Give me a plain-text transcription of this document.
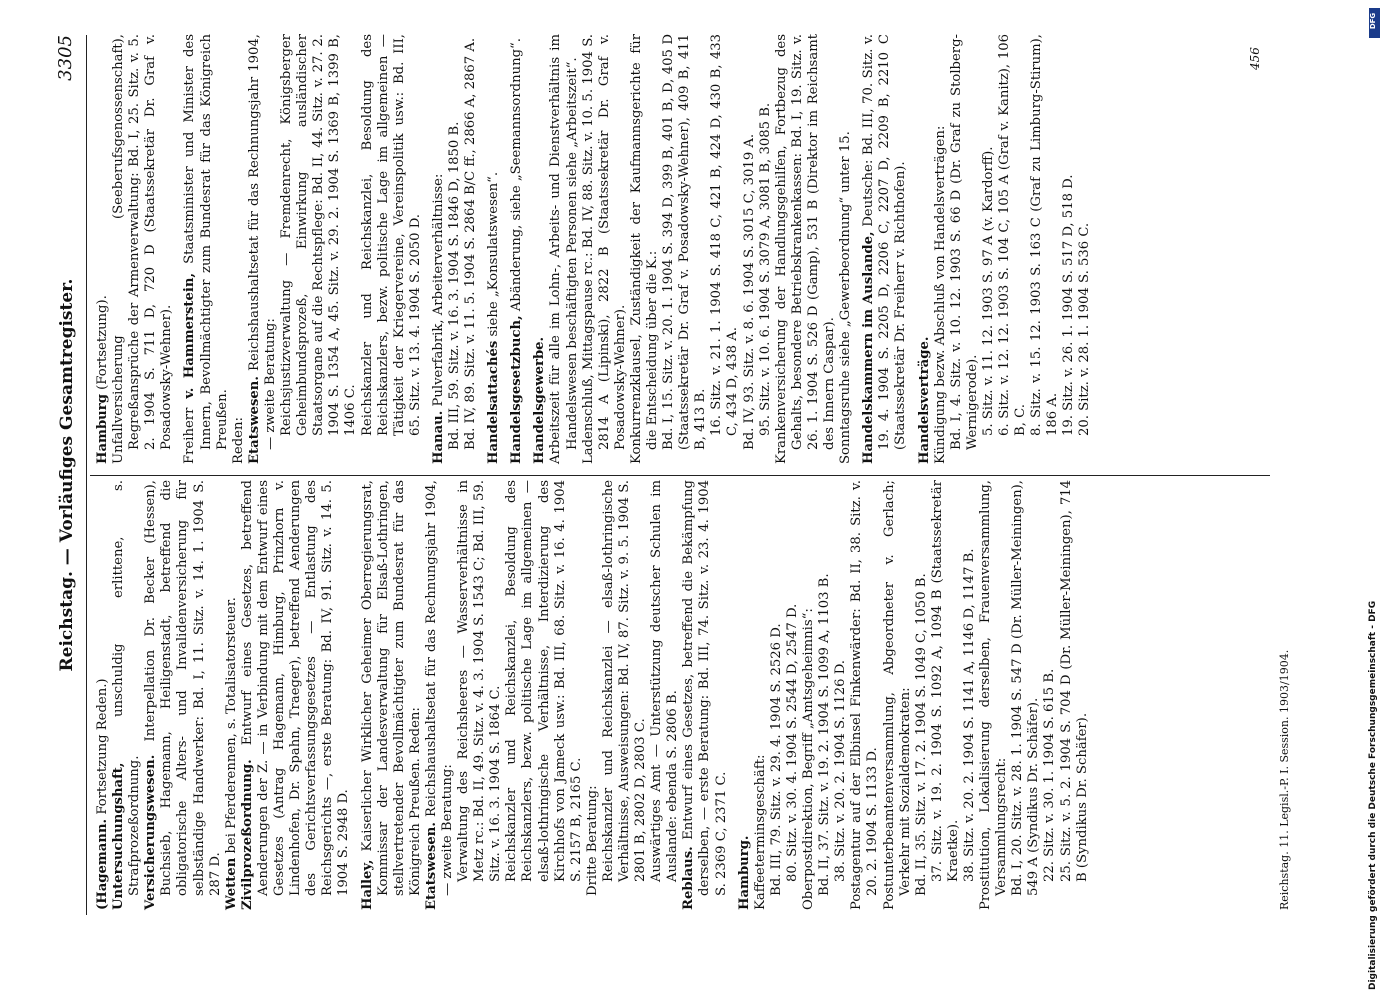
Reichstag. — Vorläufiges Gesamtregister.
3305

(Hagemann. Fortsetzung Reden.)

Untersuchungshaft, unschuldig erlittene, s. Strafprozeßordnung. Versicherungswesen. Interpellation Dr. Becker (Hessen), Buchsieb, Hagemann, Heiligenstadt, betreffend die obligatorische Alters- und Invalidenversicherung für selbständige Handwerker: Bd. I, 11. Sitz. v. 14. 1. 1904 S. 287 D. Wetten bei Pferderennen, s. Totalisatorsteuer. Zivilprozeßordnung. Entwurf eines Gesetzes, betreffend Aenderungen der Z. — in Verbindung mit dem Entwurf eines Gesetzes (Antrag Hagemann, Himburg, Prinzhorn v. Lindenhofen, Dr. Spahn, Traeger), betreffend Aenderungen des Gerichtsverfassungsgesetzes — Entlastung des Reichsgerichts —, erste Beratung: Bd. IV, 91. Sitz. v. 14. 5. 1904 S. 2948 D. Halley, Kaiserlicher Wirklicher Geheimer Oberregierungsrat, Kommissar der Landesverwaltung für Elsaß-Lothringen, stellvertretender Bevollmächtigter zum Bundesrat für das Königreich Preußen. Reden: Etatswesen. Reichshaushaltsetat für das Rechnungsjahr 1904, — zweite Beratung: Verwaltung des Reichsheeres — Wasserverhältnisse in Metz rc.: Bd. II, 49. Sitz. v. 4. 3. 1904 S. 1543 C; Bd. III, 59. Sitz. v. 16. 3. 1904 S. 1864 C. Reichskanzler und Reichskanzlei, Besoldung des Reichskanzlers, bezw. politische Lage im allgemeinen — elsaß-lothringische Verhältnisse, Interdizierung des Kirchhofs von Jameck usw.: Bd. III, 68. Sitz. v. 16. 4. 1904 S. 2157 B, 2165 C. Dritte Beratung: Reichskanzler und Reichskanzlei — elsaß-lothringische Verhältnisse, Ausweisungen: Bd. IV, 87. Sitz. v. 9. 5. 1904 S. 2801 B, 2802 D, 2803 C. Auswärtiges Amt — Unterstützung deutscher Schulen im Auslande: ebenda S. 2806 B. Reblaus. Entwurf eines Gesetzes, betreffend die Bekämpfung derselben, — erste Beratung: Bd. III, 74. Sitz. v. 23. 4. 1904 S. 2369 C, 2371 C. Hamburg. Kaffeeterminsgeschäft: Bd. III, 79. Sitz. v. 29. 4. 1904 S. 2526 D. 80. Sitz. v. 30. 4. 1904 S. 2544 D, 2547 D. Oberpostdirektion, Begriff „Amtsgeheimnis“: Bd. II, 37. Sitz. v. 19. 2. 1904 S. 1099 A, 1103 B. 38. Sitz. v. 20. 2. 1904 S. 1126 D. Postagentur auf der Elbinsel Finkenwärder: Bd. II, 38. Sitz. v. 20. 2. 1904 S. 1133 D. Postunterbeamtenversammlung, Abgeordneter v. Gerlach; Verkehr mit Sozialdemokraten: Bd. II, 35. Sitz. v. 17. 2. 1904 S. 1049 C, 1050 B. 37. Sitz. v. 19. 2. 1904 S. 1092 A, 1094 B (Staatssekretär Kraetke). 38. Sitz. v. 20. 2. 1904 S. 1141 A, 1146 D, 1147 B. Prostitution, Lokalisierung derselben, Frauenversammlung, Versammlungsrecht: Bd. I, 20. Sitz. v. 28. 1. 1904 S. 547 D (Dr. Müller-Meiningen), 549 A (Syndikus Dr. Schäfer). 22. Sitz. v. 30. 1. 1904 S. 615 B. 25. Sitz. v. 5. 2. 1904 S. 704 D (Dr. Müller-Meiningen), 714 B (Syndikus Dr. Schäfer).

Hamburg (Fortsetzung). Unfallversicherung (Seeberufsgenossenschaft), Regreßansprüche der Armenverwaltung: Bd. I, 25. Sitz. v. 5. 2. 1904 S. 711 D, 720 D (Staatssekretär Dr. Graf v. Posadowsky-Wehner). Freiherr v. Hammerstein, Staatsminister und Minister des Innern, Bevollmächtigter zum Bundesrat für das Königreich Preußen. Reden: Etatswesen. Reichshaushaltsetat für das Rechnungsjahr 1904, — zweite Beratung: Reichsjustizverwaltung — Fremdenrecht, Königsberger Geheimbundsprozeß, Einwirkung ausländischer Staatsorgane auf die Rechtspflege: Bd. II, 44. Sitz. v. 27. 2. 1904 S. 1354 A, 45. Sitz. v. 29. 2. 1904 S. 1369 B, 1399 B, 1406 C. Reichskanzler und Reichskanzlei, Besoldung des Reichskanzlers, bezw. politische Lage im allgemeinen — Tätigkeit der Kriegervereine, Vereinspolitik usw.: Bd. III, 65. Sitz. v. 13. 4. 1904 S. 2050 D.

Hanau. Pulverfabrik, Arbeiterverhältnisse: Bd. III, 59. Sitz. v. 16. 3. 1904 S. 1846 D, 1850 B. Bd. IV, 89. Sitz. v. 11. 5. 1904 S. 2864 B/C ff., 2866 A, 2867 A. Handelsattachés siehe „Konsulatswesen“.

Handelsgesetzbuch, Abänderung, siehe „Seemannsordnung“.

Handelsgewerbe. Arbeitszeit für alle im Lohn-, Arbeits- und Dienstverhältnis im Handelswesen beschäftigten Personen siehe „Arbeitszeit“. Ladenschluß, Mittagspause rc.: Bd. IV, 88. Sitz. v. 10. 5. 1904 S. 2814 A (Lipinski), 2822 B (Staatssekretär Dr. Graf v. Posadowsky-Wehner). Konkurrenzklausel, Zuständigkeit der Kaufmannsgerichte für die Entscheidung über die K.: Bd. I, 15. Sitz. v. 20. 1. 1904 S. 394 D, 399 B, 401 B, D, 405 D (Staatssekretär Dr. Graf v. Posadowsky-Wehner), 409 B, 411 B, 413 B. 16. Sitz. v. 21. 1. 1904 S. 418 C, 421 B, 424 D, 430 B, 433 C, 434 D, 438 A. Bd. IV, 93. Sitz. v. 8. 6. 1904 S. 3015 C, 3019 A. 95. Sitz. v. 10. 6. 1904 S. 3079 A, 3081 B, 3085 B. Krankenversicherung der Handlungsgehilfen, Fortbezug des Gehalts, besondere Betriebskrankenkassen: Bd. I, 19. Sitz. v. 26. 1. 1904 S. 526 D (Gamp), 531 B (Direktor im Reichsamt des Innern Caspar). Sonntagsruhe siehe „Gewerbeordnung“ unter 15. Handelskammern im Auslande, Deutsche: Bd. III, 70. Sitz. v. 19. 4. 1904 S. 2205 D, 2206 C, 2207 D, 2209 B, 2210 C (Staatssekretär Dr. Freiherr v. Richthofen). Handelsverträge. Kündigung bezw. Abschluß von Handelsverträgen: Bd. I, 4. Sitz. v. 10. 12. 1903 S. 66 D (Dr. Graf zu Stolberg-Wernigerode). 5. Sitz. v. 11. 12. 1903 S. 97 A (v. Kardorff). 6. Sitz. v. 12. 12. 1903 S. 104 C, 105 A (Graf v. Kanitz), 106 B, C. 8. Sitz. v. 15. 12. 1903 S. 163 C (Graf zu Limburg-Stirum), 186 A. 19. Sitz. v. 26. 1. 1904 S. 517 D, 518 D. 20. Sitz. v. 28. 1. 1904 S. 536 C.

456
Reichstag. 11. Legisl.-P. I. Session. 1903/1904.	Digitalisierung gefördert durch die Deutsche Forschungsgemeinschaft - DFG
DFG
